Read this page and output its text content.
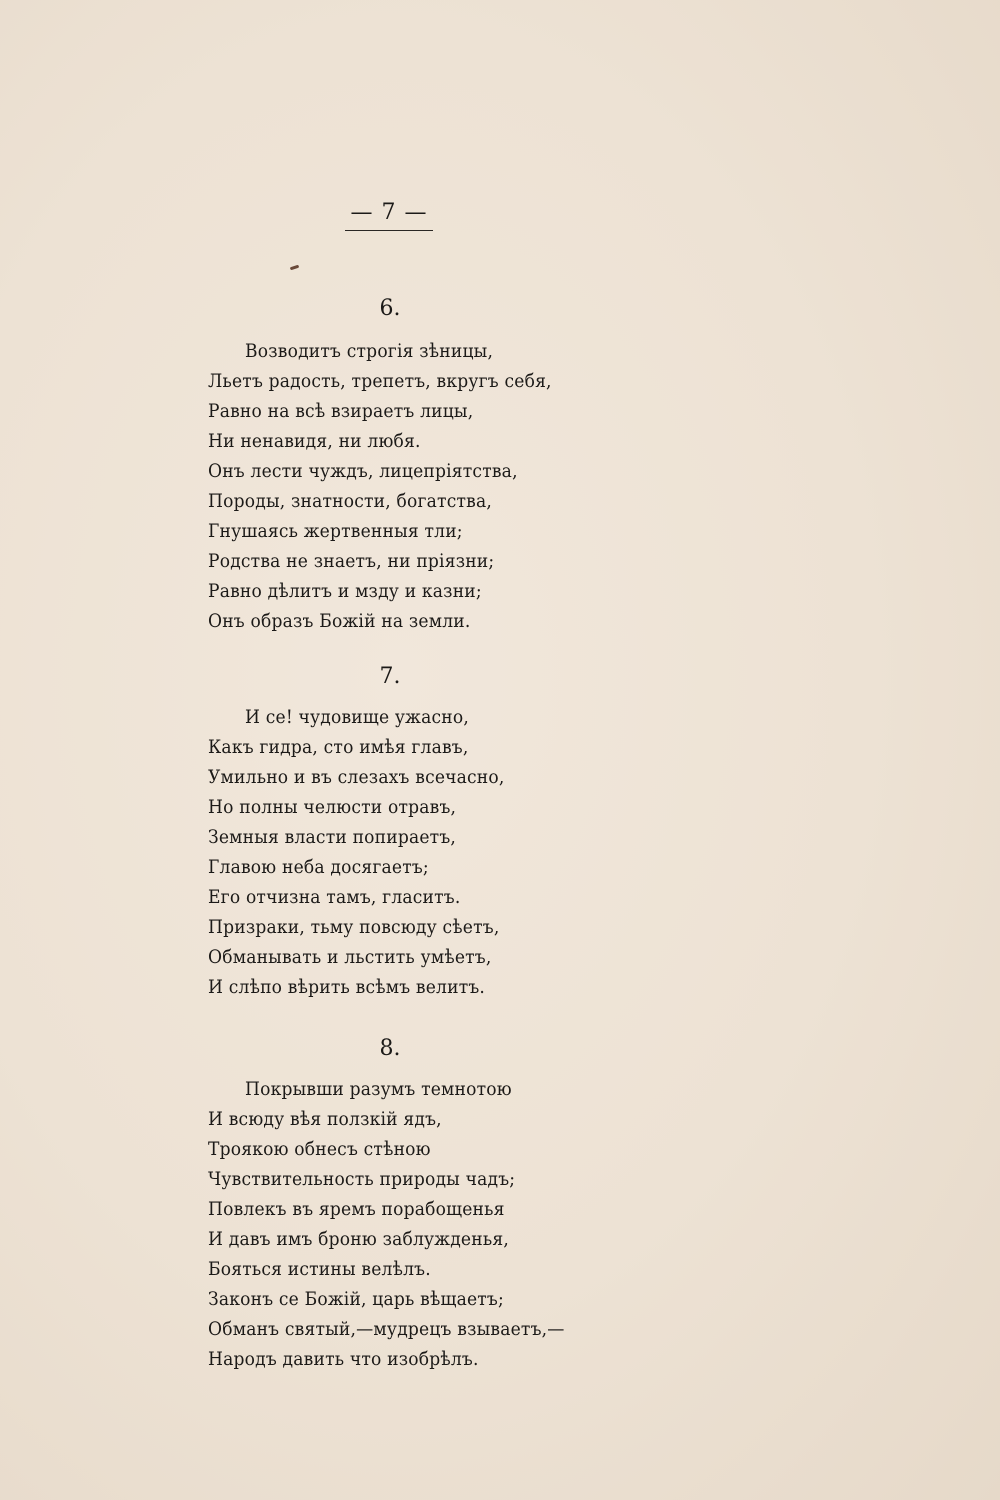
— 7 —
6.
Возводитъ строгія зѣницы,
Льетъ радость, трепетъ, вкругъ себя,
Равно на всѣ взираетъ лицы,
Ни ненавидя, ни любя.
Онъ лести чуждъ, лицепріятства,
Породы, знатности, богатства,
Гнушаясь жертвенныя тли;
Родства не знаетъ, ни пріязни;
Равно дѣлитъ и мзду и казни;
Онъ образъ Божій на земли.
7.
И се! чудовище ужасно,
Какъ гидра, сто имѣя главъ,
Умильно и въ слезахъ всечасно,
Но полны челюсти отравъ,
Земныя власти попираетъ,
Главою неба досягаетъ;
Его отчизна тамъ, гласитъ.
Призраки, тьму повсюду сѣетъ,
Обманывать и льстить умѣетъ,
И слѣпо вѣрить всѣмъ велитъ.
8.
Покрывши разумъ темнотою
И всюду вѣя ползкій ядъ,
Троякою обнесъ стѣною
Чувствительность природы чадъ;
Повлекъ въ яремъ порабощенья
И давъ имъ броню заблужденья,
Бояться истины велѣлъ.
Законъ се Божій, царь вѣщаетъ;
Обманъ святый,—мудрецъ взываетъ,—
Народъ давить что изобрѣлъ.
